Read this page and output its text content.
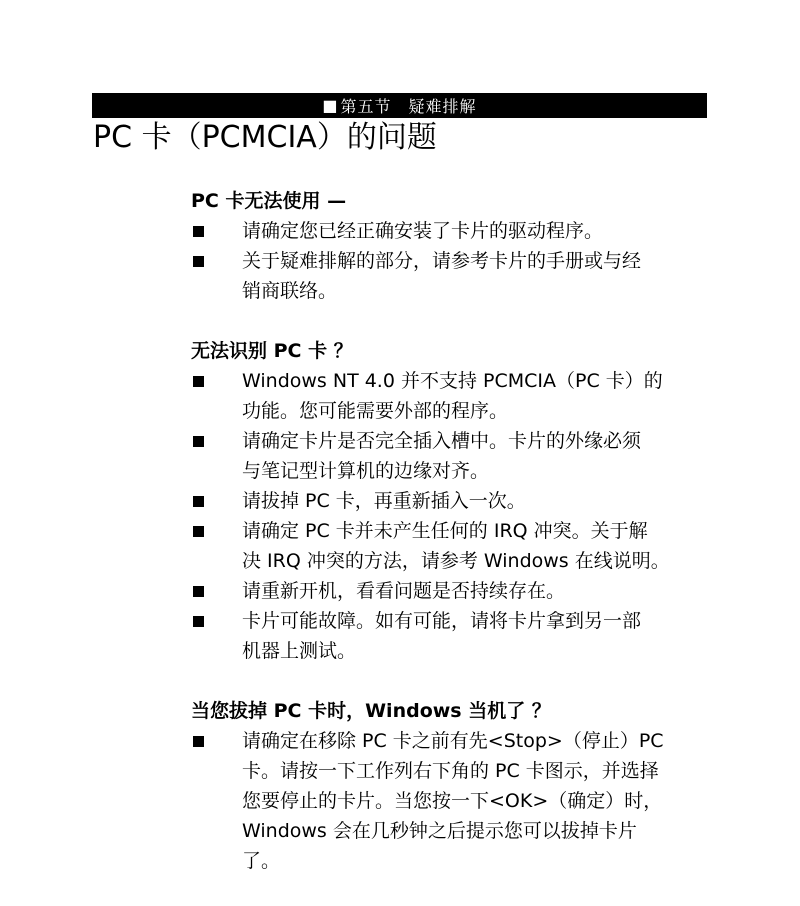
■ 第五节　疑难排解
PC 卡（PCMCIA）的问题
PC 卡无法使用 —
请确定您已经正确安装了卡片的驱动程序。
关于疑难排解的部分，请参考卡片的手册或与经
销商联络。
无法识别 PC 卡 ？
Windows NT 4.0 并不支持 PCMCIA（PC 卡）的
功能。您可能需要外部的程序。
请确定卡片是否完全插入槽中。卡片的外缘必须
与笔记型计算机的边缘对齐。
请拔掉 PC 卡，再重新插入一次。
请确定 PC 卡并未产生任何的 IRQ 冲突。关于解
决 IRQ 冲突的方法，请参考 Windows 在线说明。
请重新开机，看看问题是否持续存在。
卡片可能故障。如有可能，请将卡片拿到另一部
机器上测试。
当您拔掉 PC 卡时，Windows 当机了 ？
请确定在移除 PC 卡之前有先<Stop>（停止）PC
卡。请按一下工作列右下角的 PC 卡图示，并选择
您要停止的卡片。当您按一下<OK>（确定）时，
Windows 会在几秒钟之后提示您可以拔掉卡片
了。
